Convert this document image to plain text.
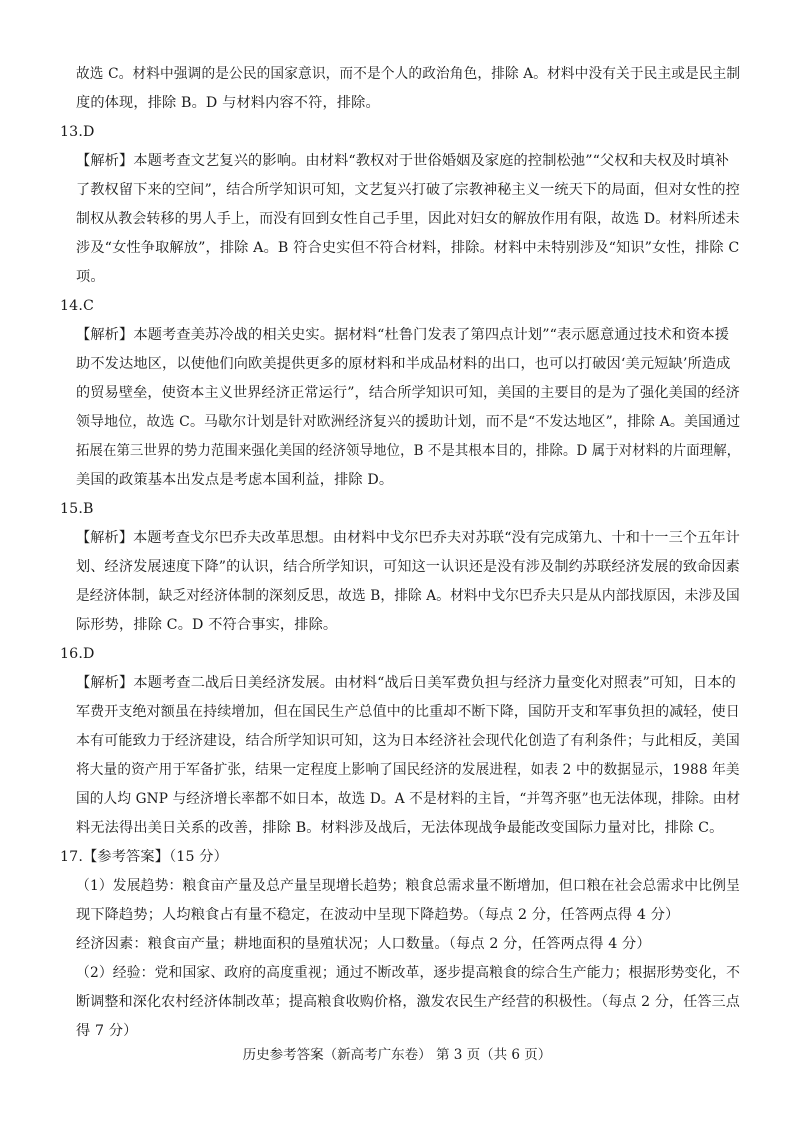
故选 C。材料中强调的是公民的国家意识，而不是个人的政治角色，排除 A。材料中没有关于民主或是民主制
度的体现，排除 B。D 与材料内容不符，排除。
13.D
【解析】本题考查文艺复兴的影响。由材料“教权对于世俗婚姻及家庭的控制松弛”“父权和夫权及时填补
了教权留下来的空间”，结合所学知识可知，文艺复兴打破了宗教神秘主义一统天下的局面，但对女性的控
制权从教会转移的男人手上，而没有回到女性自己手里，因此对妇女的解放作用有限，故选 D。材料所述未
涉及“女性争取解放”，排除 A。B 符合史实但不符合材料，排除。材料中未特别涉及“知识”女性，排除 C
项。
14.C
【解析】本题考查美苏冷战的相关史实。据材料“杜鲁门发表了第四点计划”“表示愿意通过技术和资本援
助不发达地区，以使他们向欧美提供更多的原材料和半成品材料的出口，也可以打破因‘美元短缺’所造成
的贸易壁垒，使资本主义世界经济正常运行”，结合所学知识可知，美国的主要目的是为了强化美国的经济
领导地位，故选 C。马歇尔计划是针对欧洲经济复兴的援助计划，而不是“不发达地区”，排除 A。美国通过
拓展在第三世界的势力范围来强化美国的经济领导地位，B 不是其根本目的，排除。D 属于对材料的片面理解，
美国的政策基本出发点是考虑本国利益，排除 D。
15.B
【解析】本题考查戈尔巴乔夫改革思想。由材料中戈尔巴乔夫对苏联“没有完成第九、十和十一三个五年计
划、经济发展速度下降”的认识，结合所学知识，可知这一认识还是没有涉及制约苏联经济发展的致命因素
是经济体制，缺乏对经济体制的深刻反思，故选 B，排除 A。材料中戈尔巴乔夫只是从内部找原因，未涉及国
际形势，排除 C。D 不符合事实，排除。
16.D
【解析】本题考查二战后日美经济发展。由材料“战后日美军费负担与经济力量变化对照表”可知，日本的
军费开支绝对额虽在持续增加，但在国民生产总值中的比重却不断下降，国防开支和军事负担的减轻，使日
本有可能致力于经济建设，结合所学知识可知，这为日本经济社会现代化创造了有利条件；与此相反，美国
将大量的资产用于军备扩张，结果一定程度上影响了国民经济的发展进程，如表 2 中的数据显示，1988 年美
国的人均 GNP 与经济增长率都不如日本，故选 D。A 不是材料的主旨，“并驾齐驱”也无法体现，排除。由材
料无法得出美日关系的改善，排除 B。材料涉及战后，无法体现战争最能改变国际力量对比，排除 C。
17.【参考答案】（15 分）
（1）发展趋势：粮食亩产量及总产量呈现增长趋势；粮食总需求量不断增加，但口粮在社会总需求中比例呈
现下降趋势；人均粮食占有量不稳定，在波动中呈现下降趋势。（每点 2 分，任答两点得 4 分）
经济因素：粮食亩产量；耕地面积的垦殖状况；人口数量。（每点 2 分，任答两点得 4 分）
（2）经验：党和国家、政府的高度重视；通过不断改革，逐步提高粮食的综合生产能力；根据形势变化，不
断调整和深化农村经济体制改革；提高粮食收购价格，激发农民生产经营的积极性。（每点 2 分，任答三点
得 7 分）
历史参考答案（新高考广东卷） 第 3 页（共 6 页）
